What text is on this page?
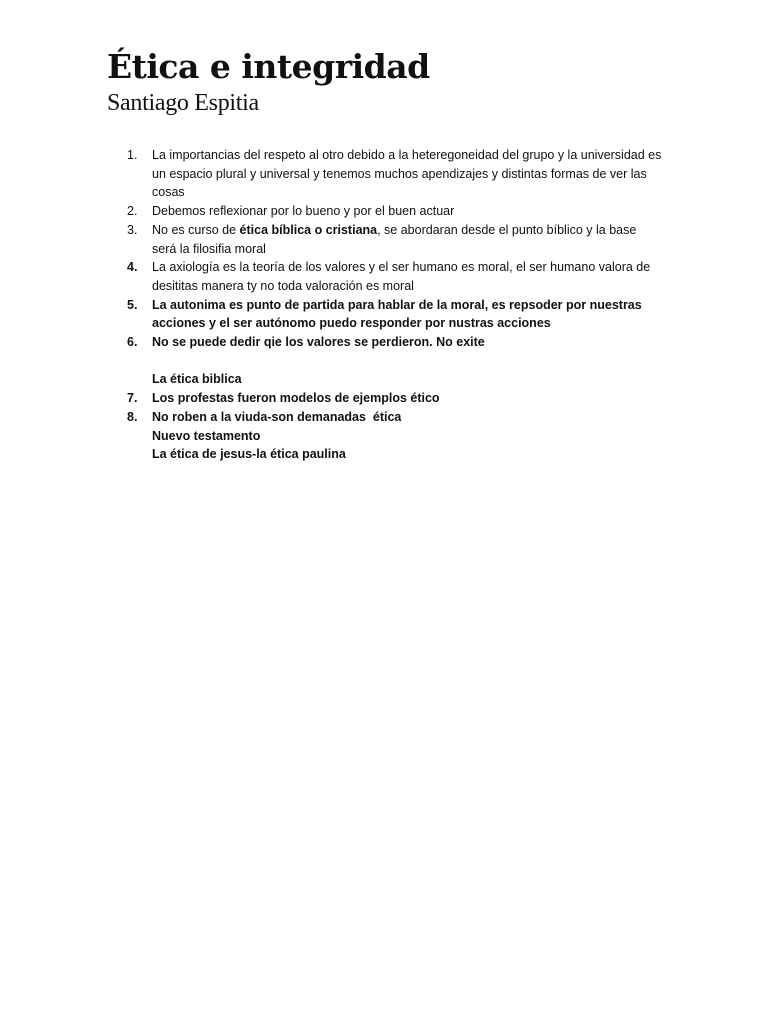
Ética e integridad
Santiago Espitia
1.	La importancias del respeto al otro debido a la heteregoneidad del grupo y la universidad es un espacio plural y universal y tenemos muchos apendizajes y distintas formas de ver las cosas
2.	Debemos reflexionar por lo bueno y por el buen actuar
3.	No es curso de ética bíblica o cristiana, se abordaran desde el punto bíblico y la base será la filosifia moral
4.	La axiología es la teoría de los valores y el ser humano es moral, el ser humano valora de desititas manera ty no toda valoración es moral
5.	La autonima es punto de partida para hablar de la moral, es repsoder por nuestras acciones y el ser autónomo puedo responder por nustras acciones
6.	No se puede dedir qie los valores se perdieron. No exite
La ética biblica
7.	Los profestas fueron modelos de ejemplos ético
8.	No roben a la viuda-son demanadas  ética
Nuevo testamento
La ética de jesus-la ética paulina
